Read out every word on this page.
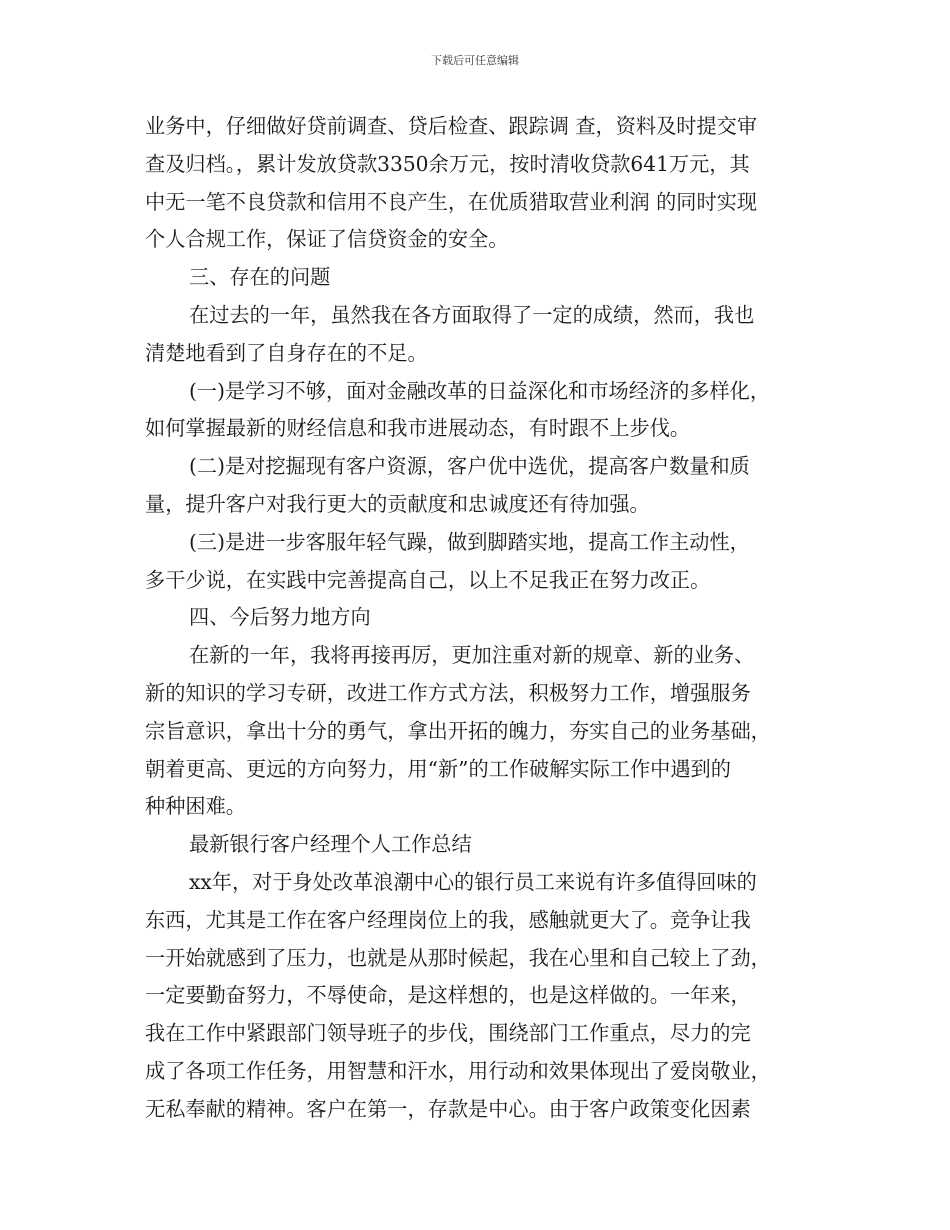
下载后可任意编辑
业务中，仔细做好贷前调查、贷后检查、跟踪调 查，资料及时提交审
查及归档。，累计发放贷款3350余万元，按时清收贷款641万元，其
中无一笔不良贷款和信用不良产生，在优质猎取营业利润 的同时实现
个人合规工作，保证了信贷资金的安全。
三、存在的问题
在过去的一年，虽然我在各方面取得了一定的成绩，然而，我也
清楚地看到了自身存在的不足。
(一)是学习不够，面对金融改革的日益深化和市场经济的多样化，
如何掌握最新的财经信息和我市进展动态，有时跟不上步伐。
(二)是对挖掘现有客户资源，客户优中选优，提高客户数量和质
量，提升客户对我行更大的贡献度和忠诚度还有待加强。
(三)是进一步客服年轻气躁，做到脚踏实地，提高工作主动性，
多干少说，在实践中完善提高自己，以上不足我正在努力改正。
四、今后努力地方向
在新的一年，我将再接再厉，更加注重对新的规章、新的业务、
新的知识的学习专研，改进工作方式方法，积极努力工作，增强服务
宗旨意识，拿出十分的勇气，拿出开拓的魄力，夯实自己的业务基础，
朝着更高、更远的方向努力，用“新”的工作破解实际工作中遇到的
种种困难。
最新银行客户经理个人工作总结
xx年，对于身处改革浪潮中心的银行员工来说有许多值得回味的
东西，尤其是工作在客户经理岗位上的我，感触就更大了。竞争让我
一开始就感到了压力，也就是从那时候起，我在心里和自己较上了劲，
一定要勤奋努力，不辱使命，是这样想的，也是这样做的。一年来，
我在工作中紧跟部门领导班子的步伐，围绕部门工作重点，尽力的完
成了各项工作任务，用智慧和汗水，用行动和效果体现出了爱岗敬业，
无私奉献的精神。客户在第一，存款是中心。由于客户政策变化因素
